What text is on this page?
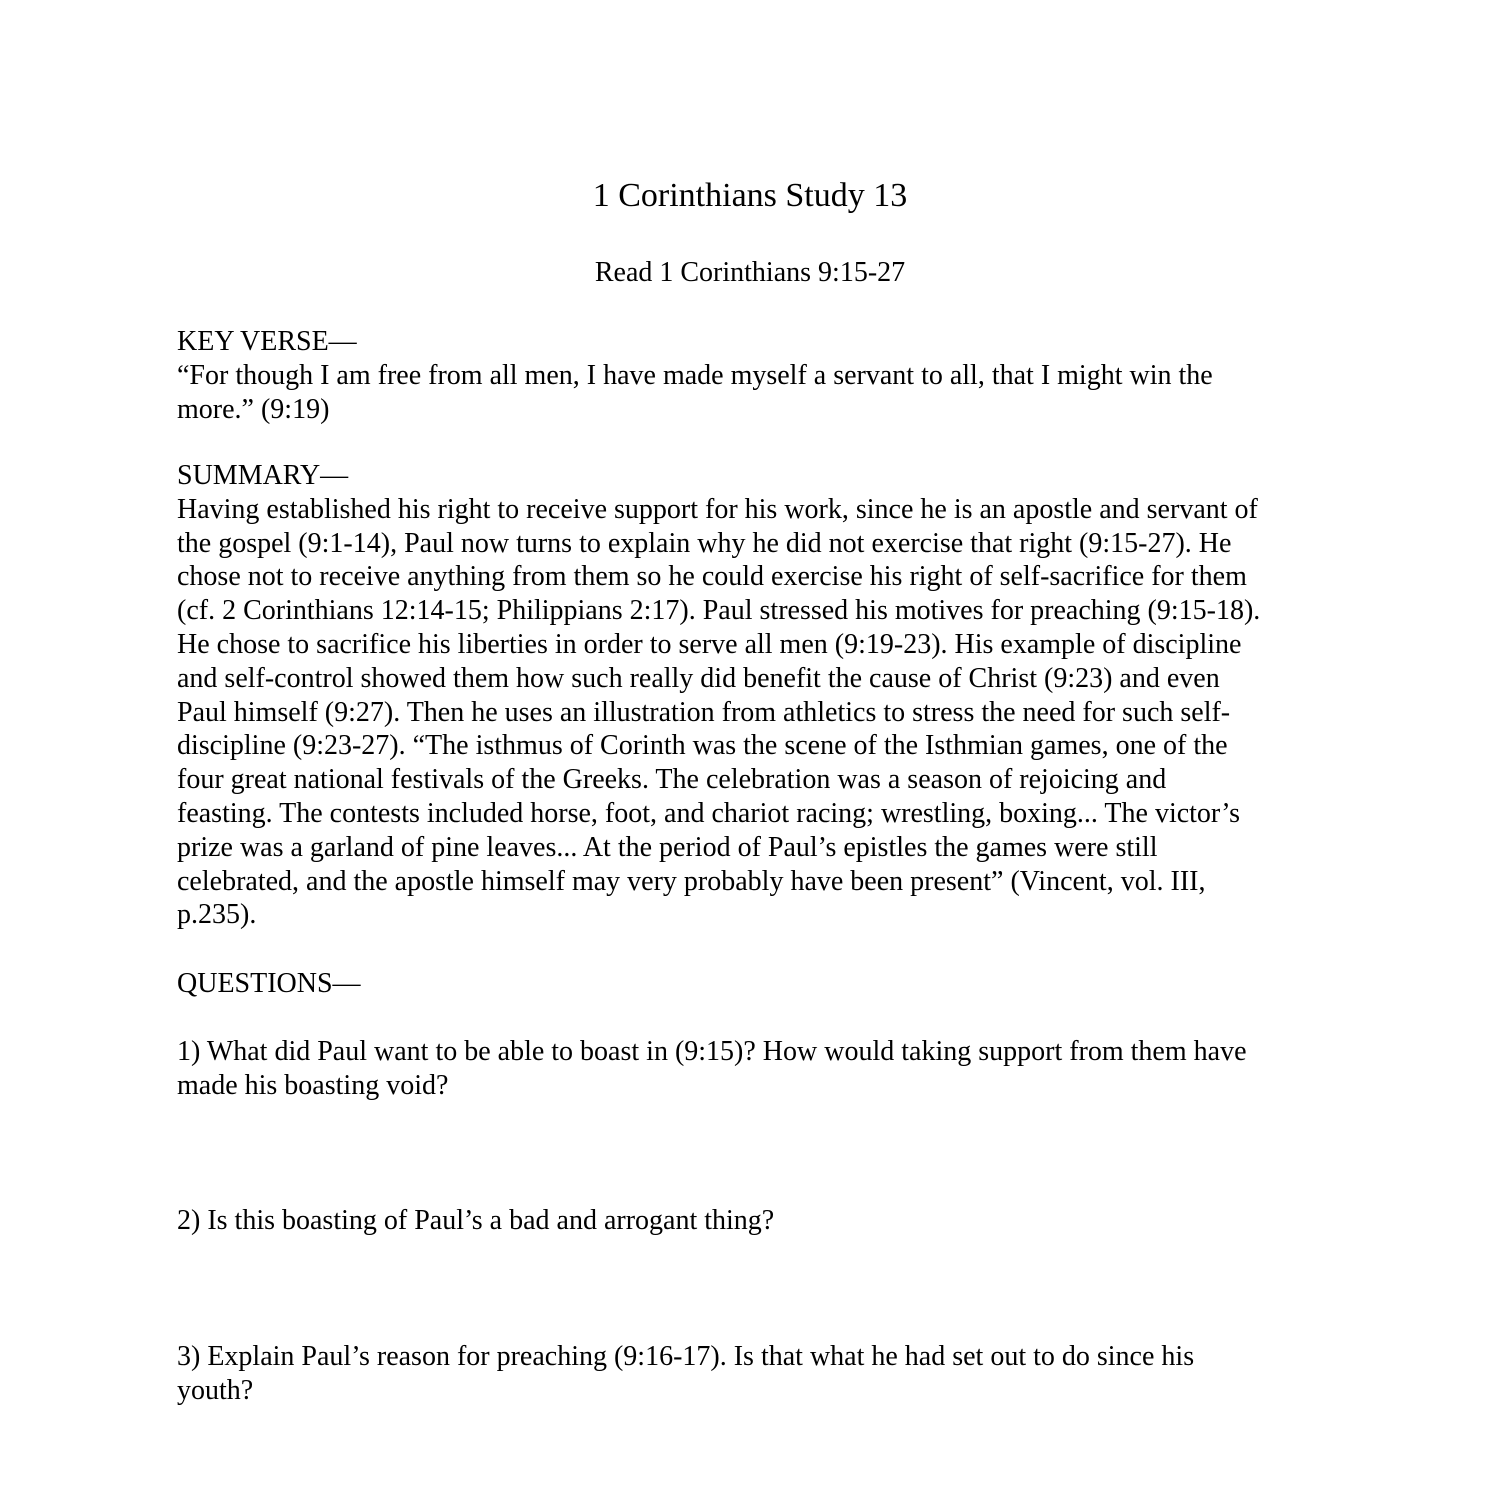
1 Corinthians Study 13
Read 1 Corinthians 9:15-27
KEY VERSE—
“For though I am free from all men, I have made myself a servant to all, that I might win the
more.” (9:19)
SUMMARY—
Having established his right to receive support for his work, since he is an apostle and servant of
the gospel (9:1-14), Paul now turns to explain why he did not exercise that right (9:15-27). He
chose not to receive anything from them so he could exercise his right of self-sacrifice for them
(cf. 2 Corinthians 12:14-15; Philippians 2:17). Paul stressed his motives for preaching (9:15-18).
He chose to sacrifice his liberties in order to serve all men (9:19-23). His example of discipline
and self-control showed them how such really did benefit the cause of Christ (9:23) and even
Paul himself (9:27). Then he uses an illustration from athletics to stress the need for such self-
discipline (9:23-27). “The isthmus of Corinth was the scene of the Isthmian games, one of the
four great national festivals of the Greeks. The celebration was a season of rejoicing and
feasting. The contests included horse, foot, and chariot racing; wrestling, boxing... The victor’s
prize was a garland of pine leaves... At the period of Paul’s epistles the games were still
celebrated, and the apostle himself may very probably have been present” (Vincent, vol. III,
p.235).
QUESTIONS—
1) What did Paul want to be able to boast in (9:15)? How would taking support from them have
made his boasting void?
2) Is this boasting of Paul’s a bad and arrogant thing?
3) Explain Paul’s reason for preaching (9:16-17). Is that what he had set out to do since his
youth?
